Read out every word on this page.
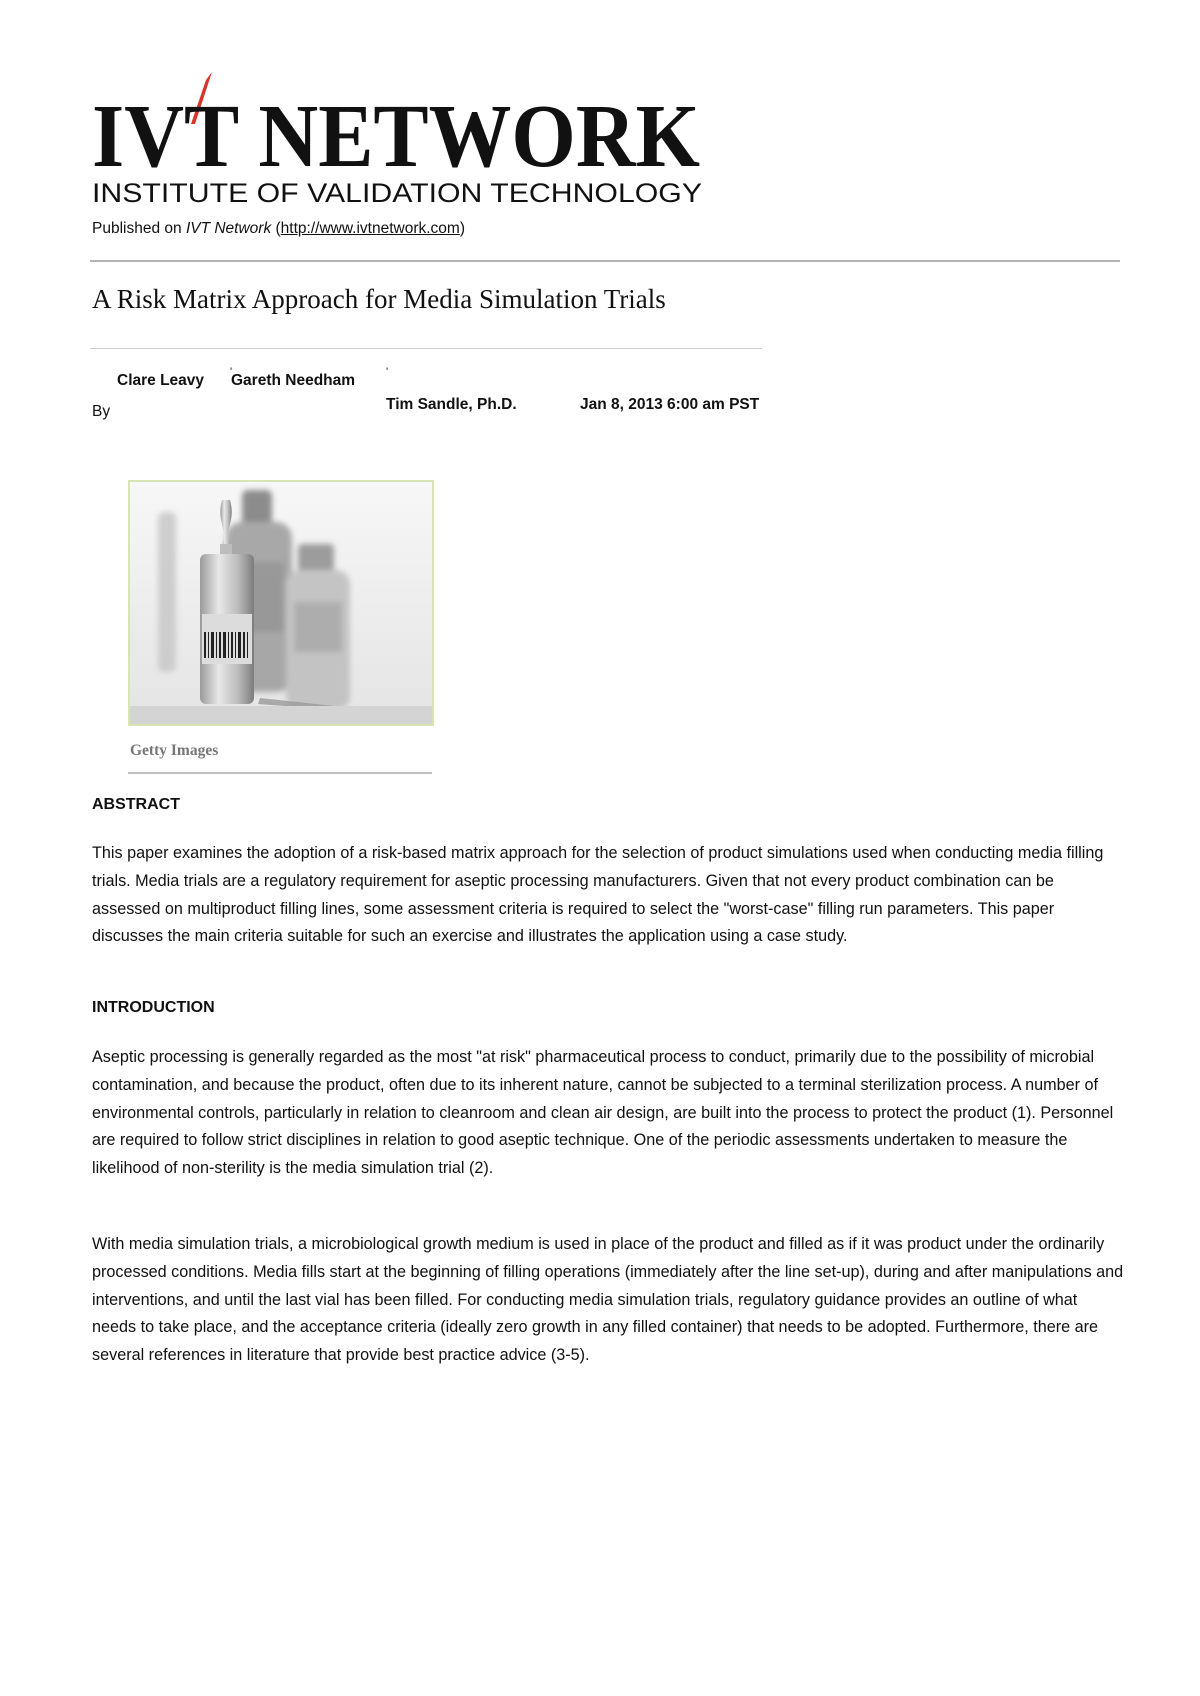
IVT NETWORK
INSTITUTE OF VALIDATION TECHNOLOGY
Published on IVT Network (http://www.ivtnetwork.com)
A Risk Matrix Approach for Media Simulation Trials
Clare Leavy '
Gareth Needham	'
By	Tim Sandle, Ph.D.	Jan 8, 2013 6:00 am PST
Getty Images
ABSTRACT

This paper examines the adoption of a risk-based matrix approach for the selection of product simulations used when conducting media filling trials. Media trials are a regulatory requirement for aseptic processing manufacturers. Given that not every product combination can be assessed on multiproduct filling lines, some assessment criteria is required to select the "worst-case" filling run parameters. This paper discusses the main criteria suitable for such an exercise and illustrates the application using a case study.

INTRODUCTION

Aseptic processing is generally regarded as the most "at risk" pharmaceutical process to conduct, primarily due to the possibility of microbial contamination, and because the product, often due to its inherent nature, cannot be subjected to a terminal sterilization process. A number of environmental controls, particularly in relation to cleanroom and clean air design, are built into the process to protect the product (1). Personnel are required to follow strict disciplines in relation to good aseptic technique. One of the periodic assessments undertaken to measure the likelihood of non-sterility is the media simulation trial (2).

With media simulation trials, a microbiological growth medium is used in place of the product and filled as if it was product under the ordinarily processed conditions. Media fills start at the beginning of filling operations (immediately after the line set-up), during and after manipulations and interventions, and until the last vial has been filled. For conducting media simulation trials, regulatory guidance provides an outline of what needs to take place, and the acceptance criteria (ideally zero growth in any filled container) that needs to be adopted. Furthermore, there are several references in literature that provide best practice advice (3-5).
